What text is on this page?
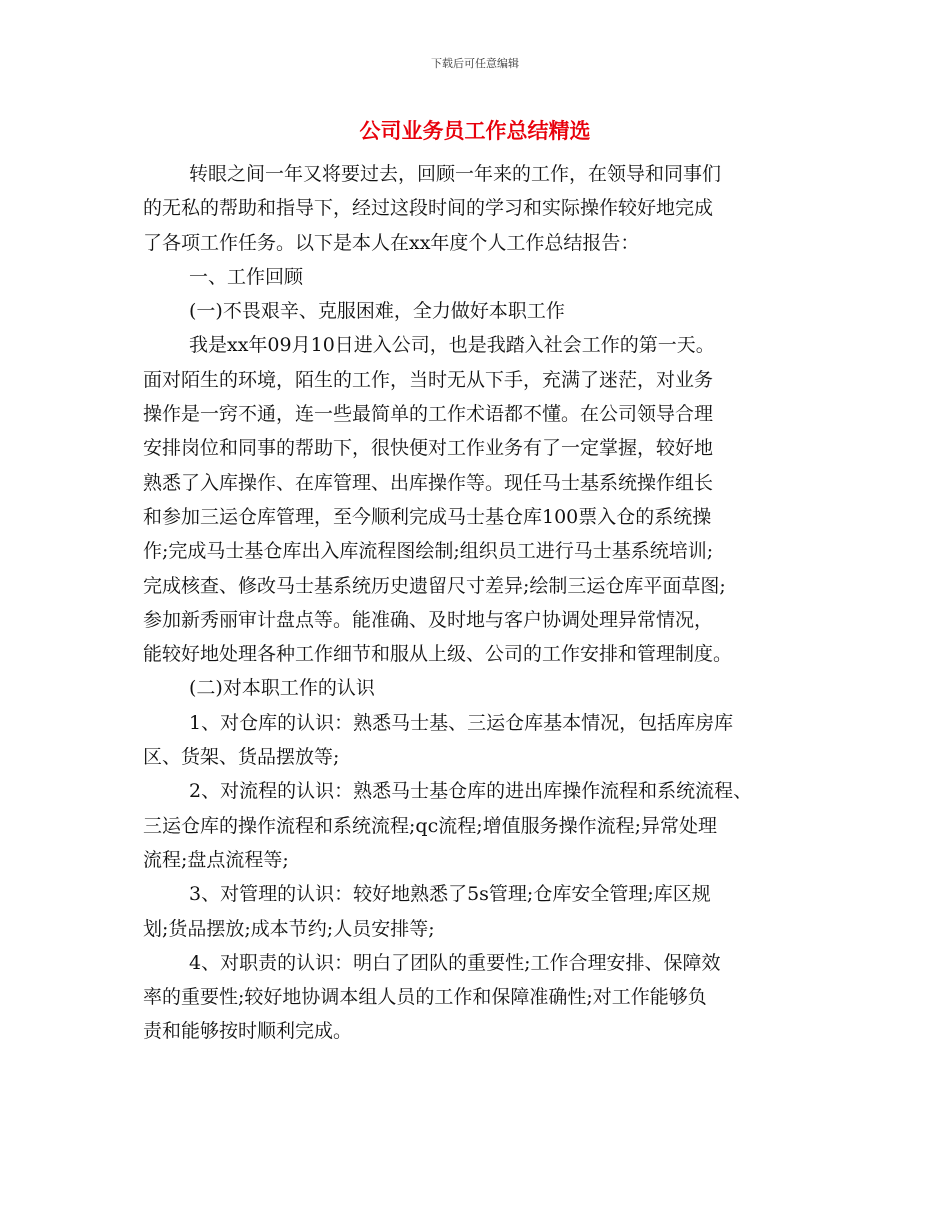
下载后可任意编辑
公司业务员工作总结精选
转眼之间一年又将要过去，回顾一年来的工作，在领导和同事们
的无私的帮助和指导下，经过这段时间的学习和实际操作较好地完成
了各项工作任务。以下是本人在xx年度个人工作总结报告：
一、工作回顾
(一)不畏艰辛、克服困难，全力做好本职工作
我是xx年09月10日进入公司，也是我踏入社会工作的第一天。
面对陌生的环境，陌生的工作，当时无从下手，充满了迷茫，对业务
操作是一窍不通，连一些最简单的工作术语都不懂。在公司领导合理
安排岗位和同事的帮助下，很快便对工作业务有了一定掌握，较好地
熟悉了入库操作、在库管理、出库操作等。现任马士基系统操作组长
和参加三运仓库管理，至今顺利完成马士基仓库100票入仓的系统操
作;完成马士基仓库出入库流程图绘制;组织员工进行马士基系统培训;
完成核查、修改马士基系统历史遗留尺寸差异;绘制三运仓库平面草图;
参加新秀丽审计盘点等。能准确、及时地与客户协调处理异常情况，
能较好地处理各种工作细节和服从上级、公司的工作安排和管理制度。
(二)对本职工作的认识
1、对仓库的认识：熟悉马士基、三运仓库基本情况，包括库房库
区、货架、货品摆放等;
2、对流程的认识：熟悉马士基仓库的进出库操作流程和系统流程、
三运仓库的操作流程和系统流程;qc流程;增值服务操作流程;异常处理
流程;盘点流程等;
3、对管理的认识：较好地熟悉了5s管理;仓库安全管理;库区规
划;货品摆放;成本节约;人员安排等;
4、对职责的认识：明白了团队的重要性;工作合理安排、保障效
率的重要性;较好地协调本组人员的工作和保障准确性;对工作能够负
责和能够按时顺利完成。
